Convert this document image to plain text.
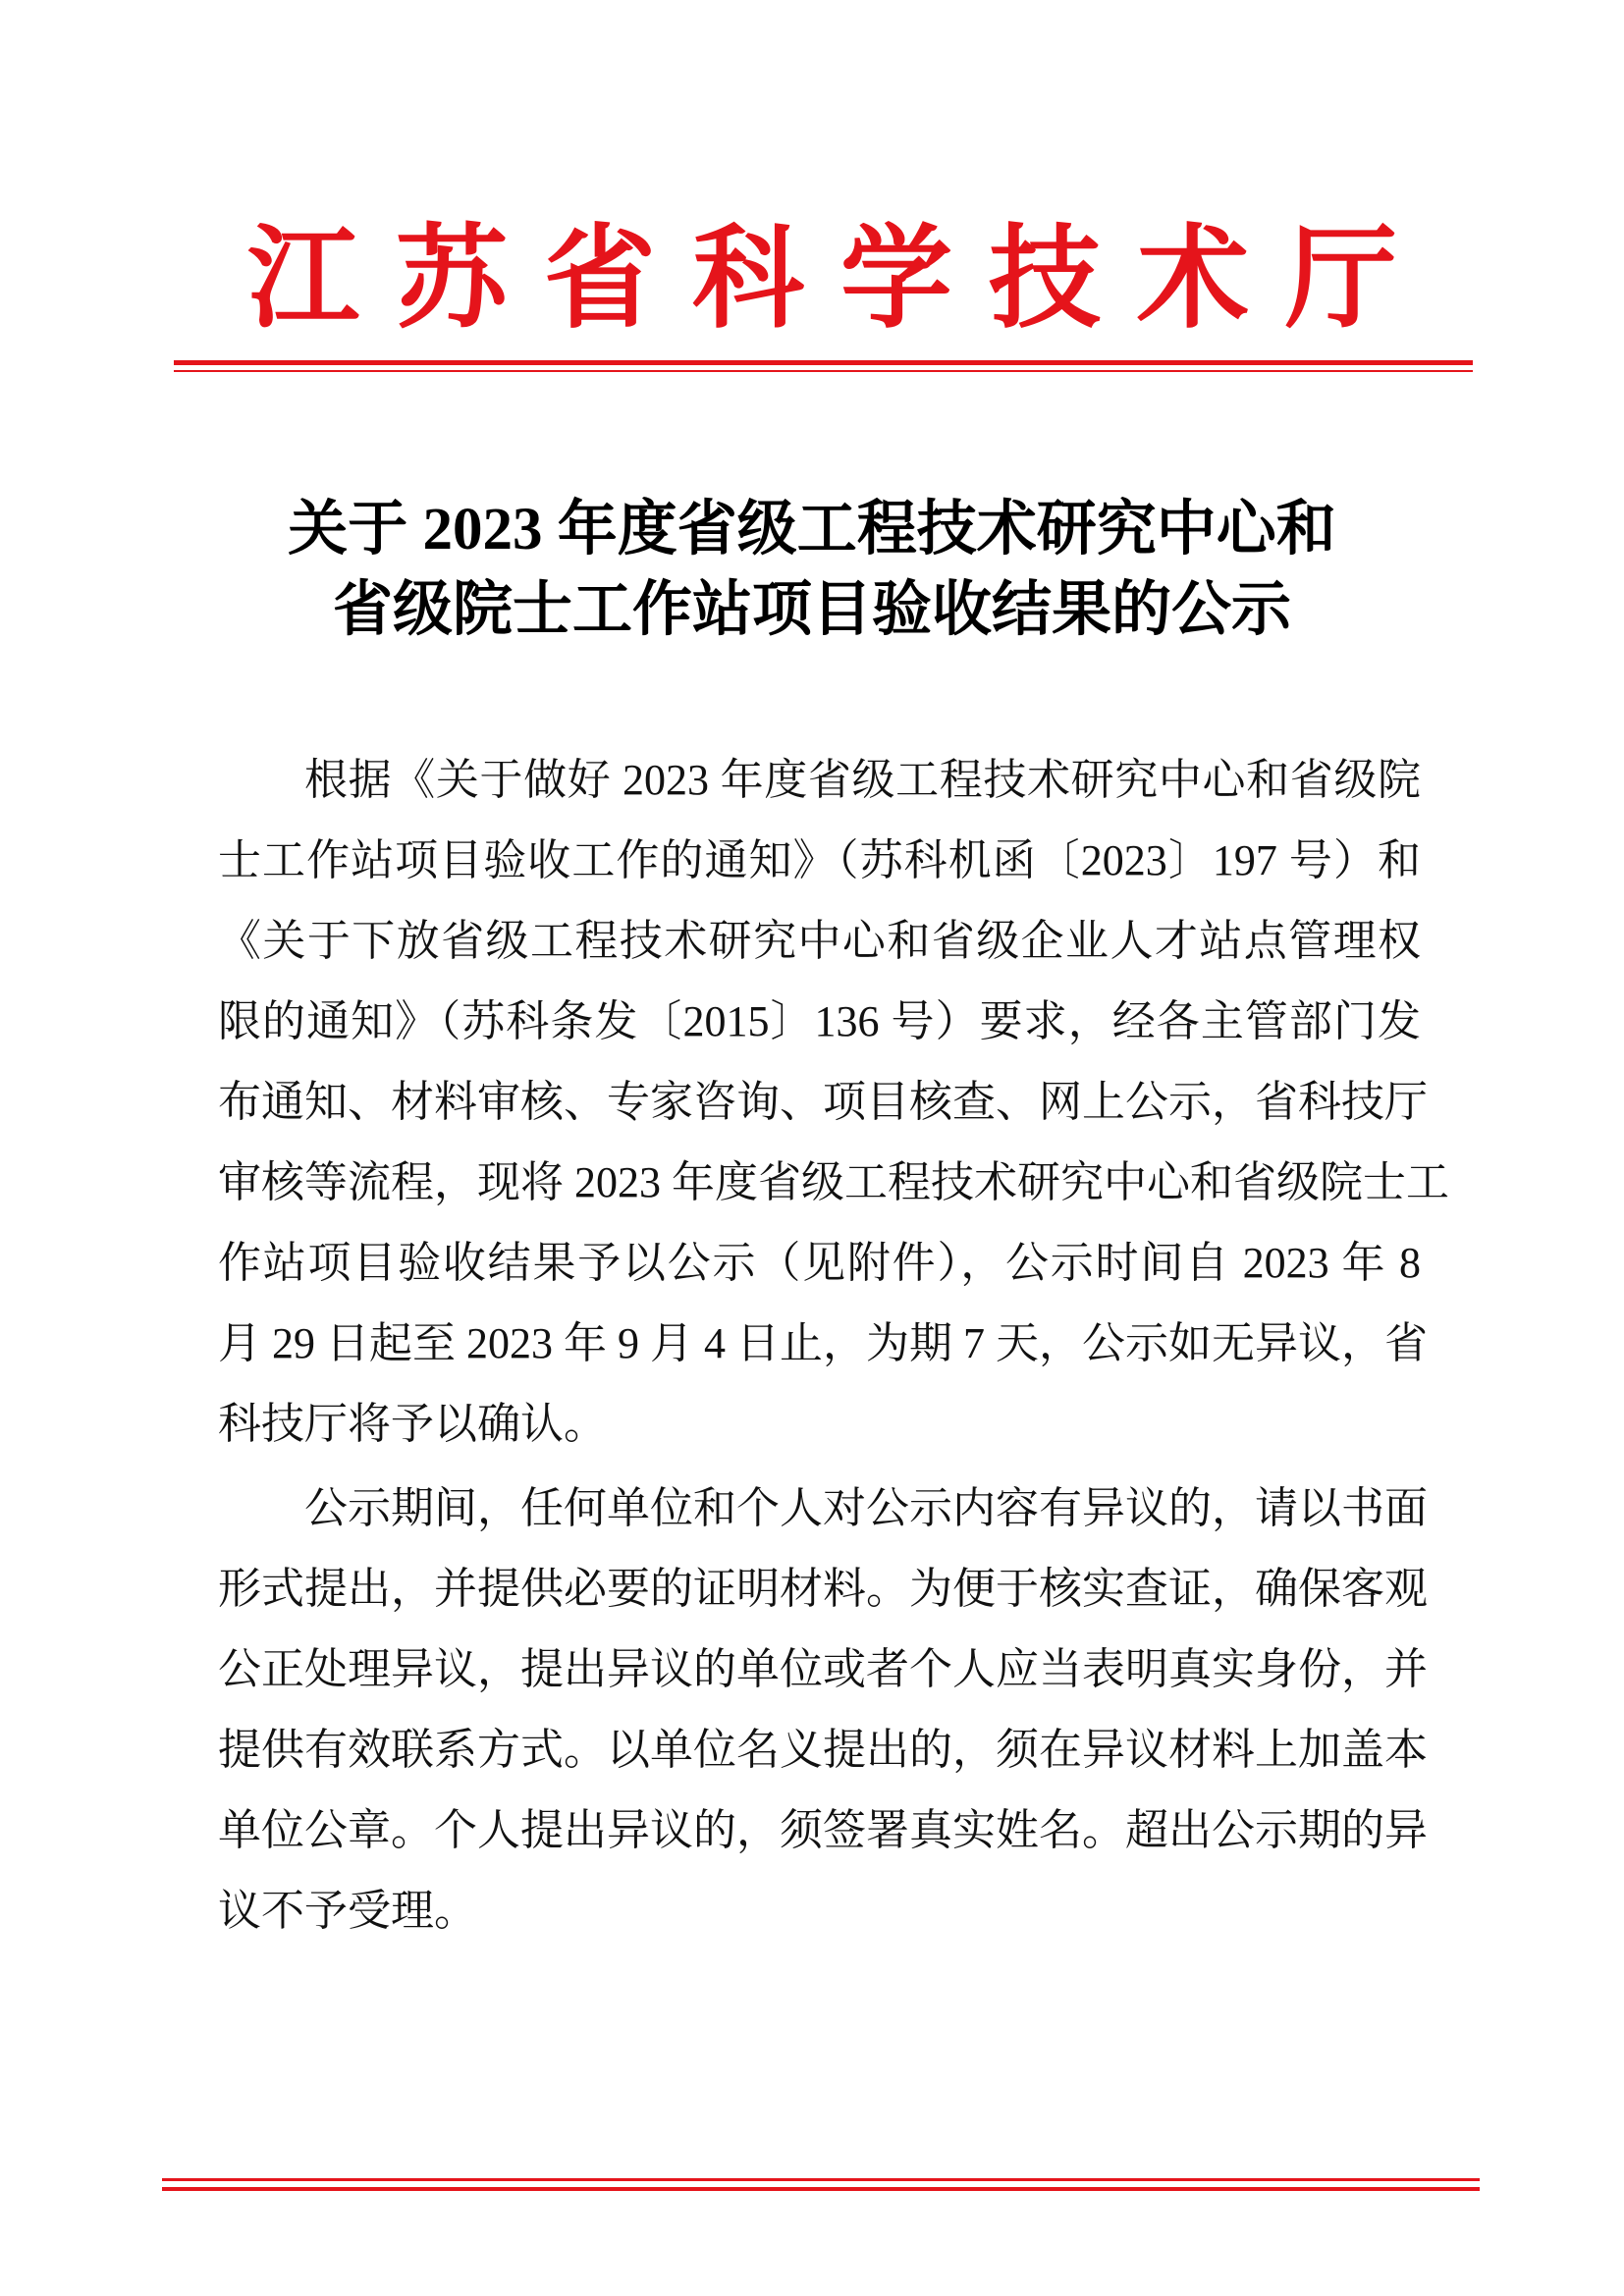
江苏省科学技术厅
关于 2023 年度省级工程技术研究中心和
省级院士工作站项目验收结果的公示
根据《关于做好 2023 年度省级工程技术研究中心和省级院
士工作站项目验收工作的通知》（苏科机函〔2023〕197 号）和
《关于下放省级工程技术研究中心和省级企业人才站点管理权
限的通知》（苏科条发〔2015〕136 号）要求，经各主管部门发
布通知、材料审核、专家咨询、项目核查、网上公示，省科技厅
审核等流程，现将 2023 年度省级工程技术研究中心和省级院士工
作站项目验收结果予以公示（见附件），公示时间自 2023 年 8
月 29 日起至 2023 年 9 月 4 日止，为期 7 天，公示如无异议，省
科技厅将予以确认。
公示期间，任何单位和个人对公示内容有异议的，请以书面
形式提出，并提供必要的证明材料。为便于核实查证，确保客观
公正处理异议，提出异议的单位或者个人应当表明真实身份，并
提供有效联系方式。以单位名义提出的，须在异议材料上加盖本
单位公章。个人提出异议的，须签署真实姓名。超出公示期的异
议不予受理。
